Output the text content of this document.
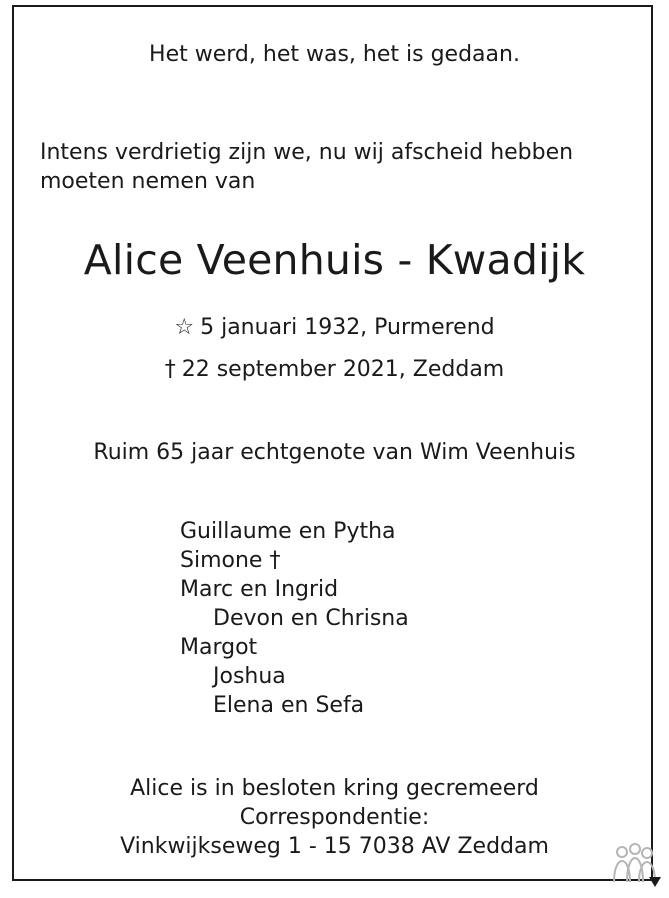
Het werd, het was, het is gedaan.
Intens verdrietig zijn we, nu wij afscheid hebben
moeten nemen van
Alice Veenhuis - Kwadijk
☆ 5 januari 1932, Purmerend
† 22 september 2021, Zeddam
Ruim 65 jaar echtgenote van Wim Veenhuis
Guillaume en Pytha
Simone †
Marc en Ingrid
Devon en Chrisna
Margot
Joshua
Elena en Sefa
Alice is in besloten kring gecremeerd
Correspondentie:
Vinkwijkseweg 1 - 15 7038 AV Zeddam
